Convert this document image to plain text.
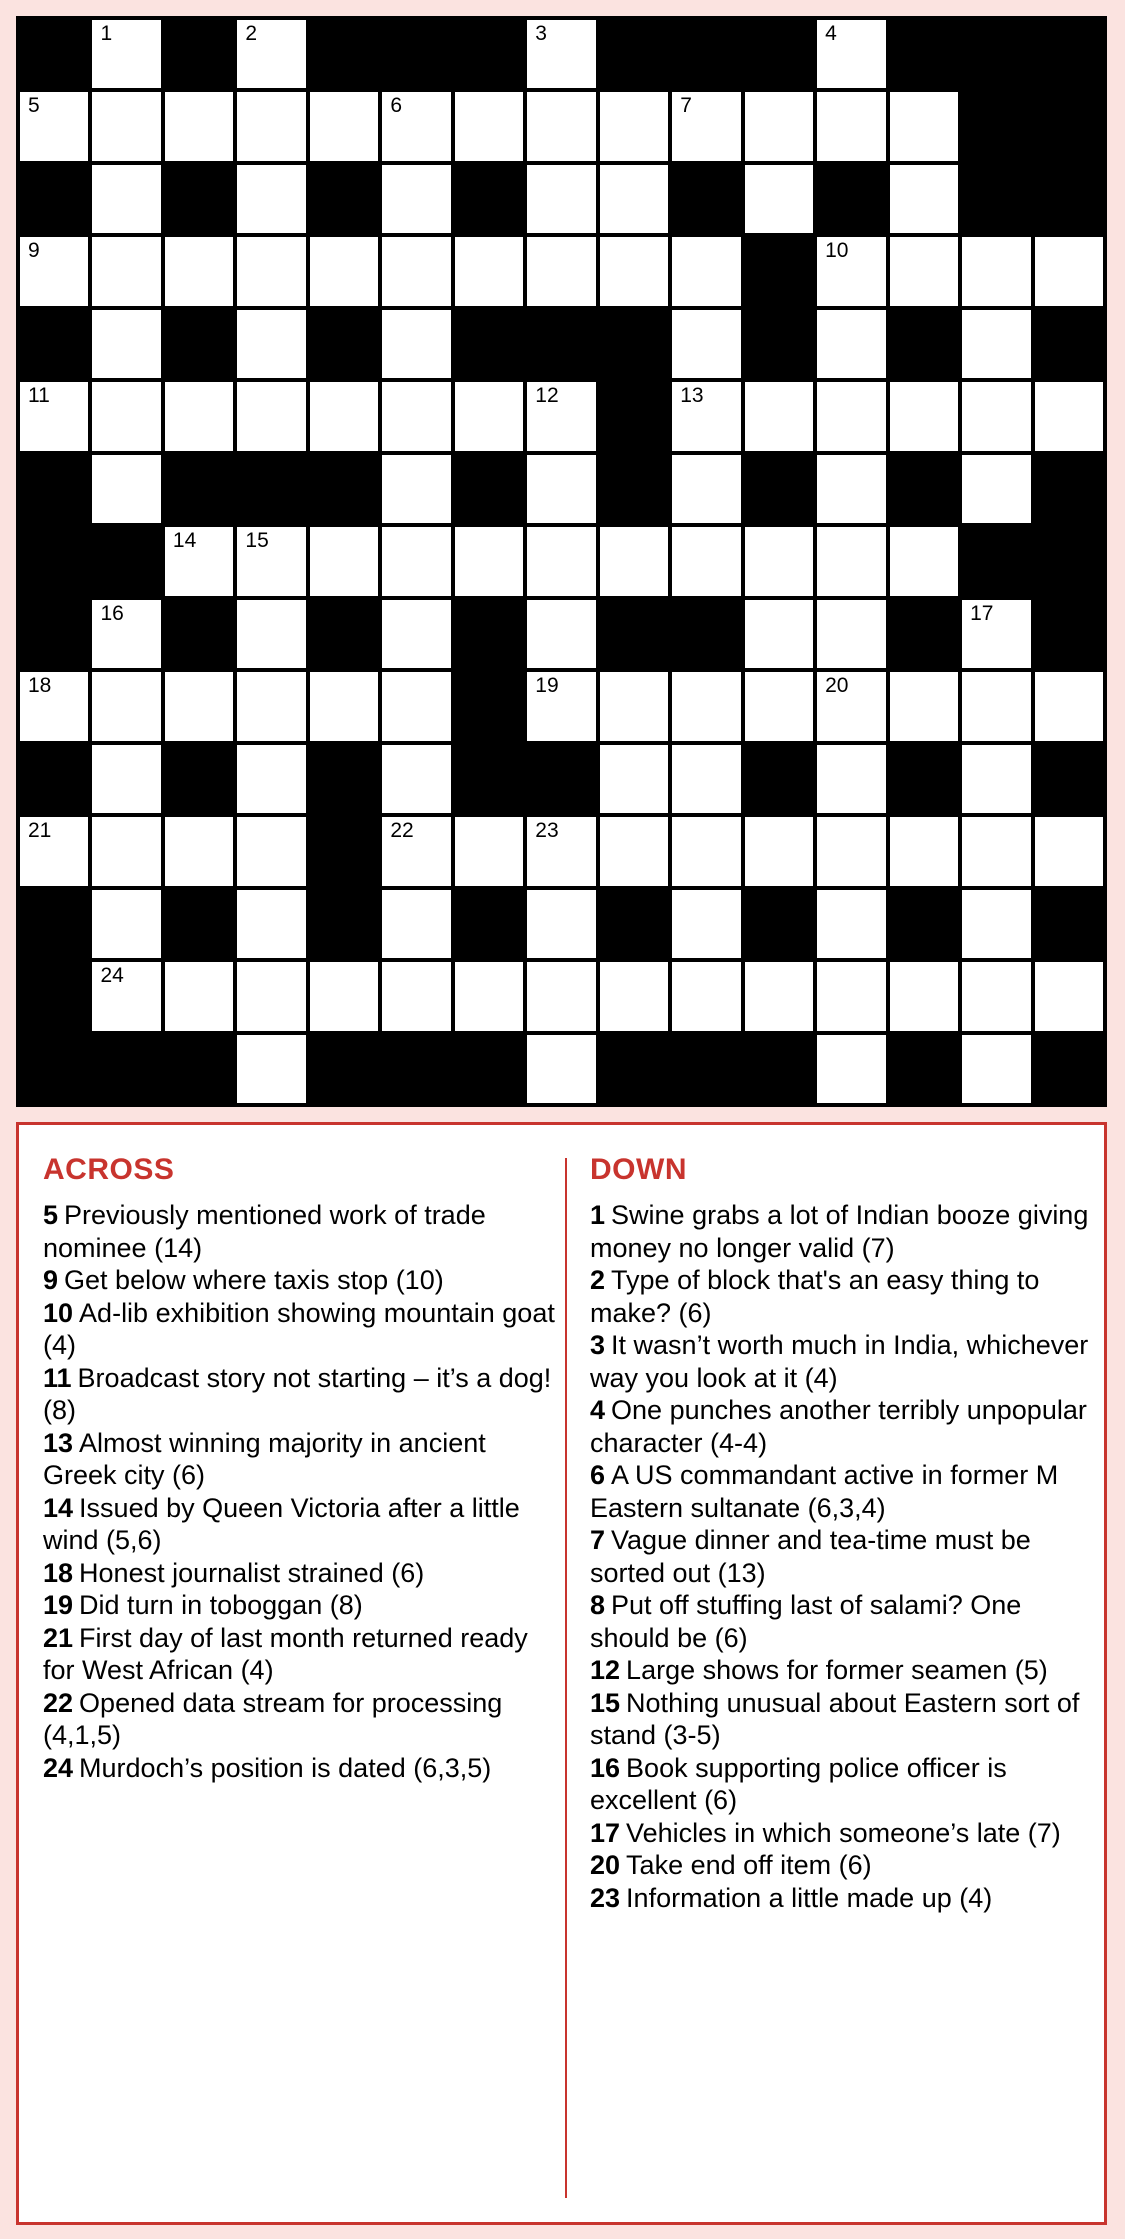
1	2	3	4
5	6	7
9	10
11	12	13
14 15
16	17
18	19	20
21	22	23
24
ACROSS
5 Previously mentioned work of trade nominee (14)
9 Get below where taxis stop (10)
10 Ad-lib exhibition showing mountain goat (4)
11 Broadcast story not starting – it’s a dog! (8)
13 Almost winning majority in ancient Greek city (6)
14 Issued by Queen Victoria after a little wind (5,6)
18 Honest journalist strained (6)
19 Did turn in toboggan (8)
21 First day of last month returned ready for West African (4)
22 Opened data stream for processing (4,1,5)
24 Murdoch’s position is dated (6,3,5)
DOWN
1 Swine grabs a lot of Indian booze giving money no longer valid (7)
2 Type of block that's an easy thing to make? (6)
3 It wasn’t worth much in India, whichever way you look at it (4)
4 One punches another terribly unpopular character (4-4)
6 A US commandant active in former M Eastern sultanate (6,3,4)
7 Vague dinner and tea-time must be sorted out (13)
8 Put off stuffing last of salami? One should be (6)
12 Large shows for former seamen (5)
15 Nothing unusual about Eastern sort of stand (3-5)
16 Book supporting police officer is excellent (6)
17 Vehicles in which someone’s late (7)
20 Take end off item (6)
23 Information a little made up (4)
